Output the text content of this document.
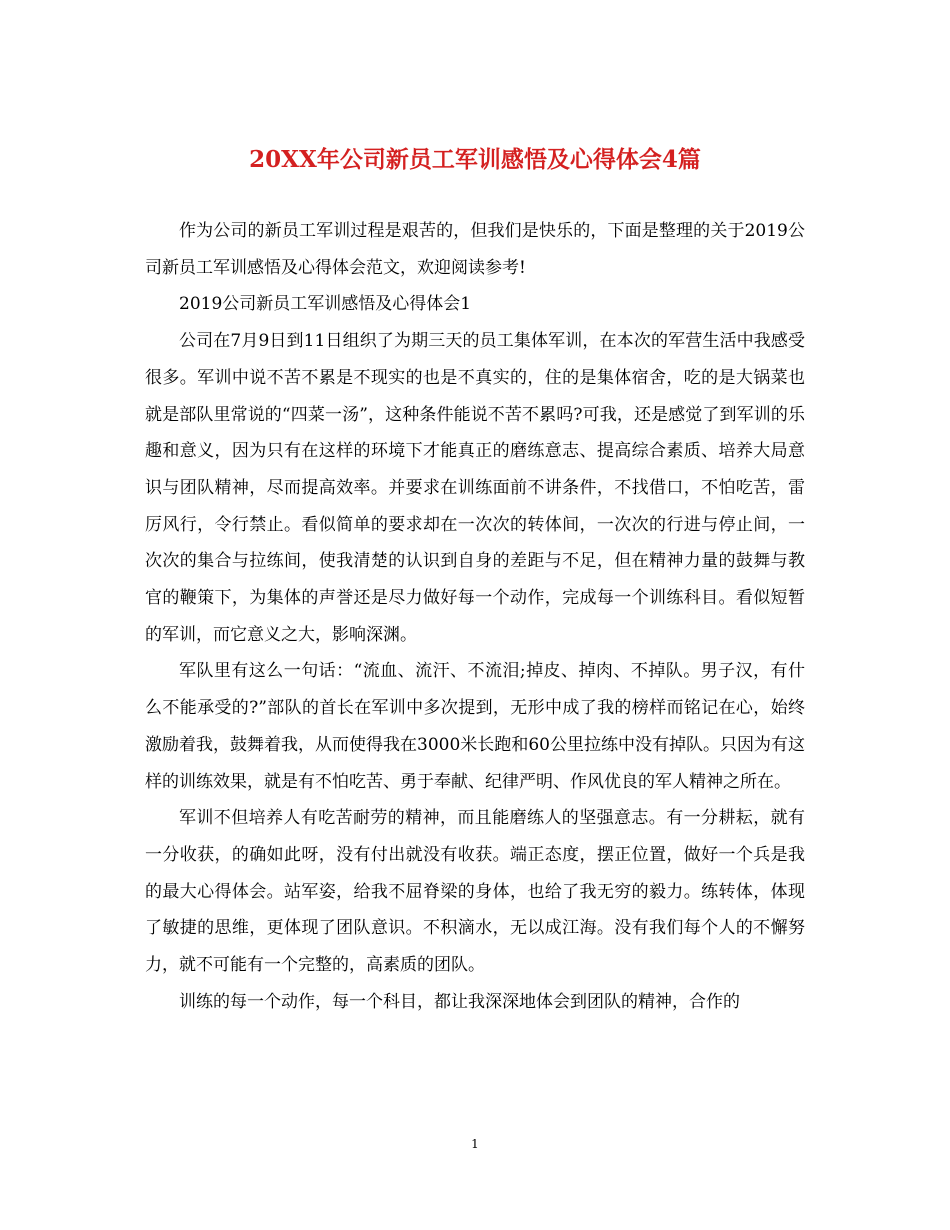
20XX年公司新员工军训感悟及心得体会4篇

作为公司的新员工军训过程是艰苦的，但我们是快乐的，下面是整理的关于2019公司新员工军训感悟及心得体会范文，欢迎阅读参考!

2019公司新员工军训感悟及心得体会1

公司在7月9日到11日组织了为期三天的员工集体军训，在本次的军营生活中我感受很多。军训中说不苦不累是不现实的也是不真实的，住的是集体宿舍，吃的是大锅菜也就是部队里常说的“四菜一汤”，这种条件能说不苦不累吗?可我，还是感觉了到军训的乐趣和意义，因为只有在这样的环境下才能真正的磨练意志、提高综合素质、培养大局意识与团队精神，尽而提高效率。并要求在训练面前不讲条件，不找借口，不怕吃苦，雷厉风行，令行禁止。看似简单的要求却在一次次的转体间，一次次的行进与停止间，一次次的集合与拉练间，使我清楚的认识到自身的差距与不足，但在精神力量的鼓舞与教官的鞭策下，为集体的声誉还是尽力做好每一个动作，完成每一个训练科目。看似短暂的军训，而它意义之大，影响深渊。

军队里有这么一句话：“流血、流汗、不流泪;掉皮、掉肉、不掉队。男子汉，有什么不能承受的?”部队的首长在军训中多次提到，无形中成了我的榜样而铭记在心，始终激励着我，鼓舞着我，从而使得我在3000米长跑和60公里拉练中没有掉队。只因为有这样的训练效果，就是有不怕吃苦、勇于奉献、纪律严明、作风优良的军人精神之所在。

军训不但培养人有吃苦耐劳的精神，而且能磨练人的坚强意志。有一分耕耘，就有一分收获，的确如此呀，没有付出就没有收获。端正态度，摆正位置，做好一个兵是我的最大心得体会。站军姿，给我不屈脊梁的身体，也给了我无穷的毅力。练转体，体现了敏捷的思维，更体现了团队意识。不积滴水，无以成江海。没有我们每个人的不懈努力，就不可能有一个完整的，高素质的团队。

训练的每一个动作，每一个科目，都让我深深地体会到团队的精神，合作的

1
